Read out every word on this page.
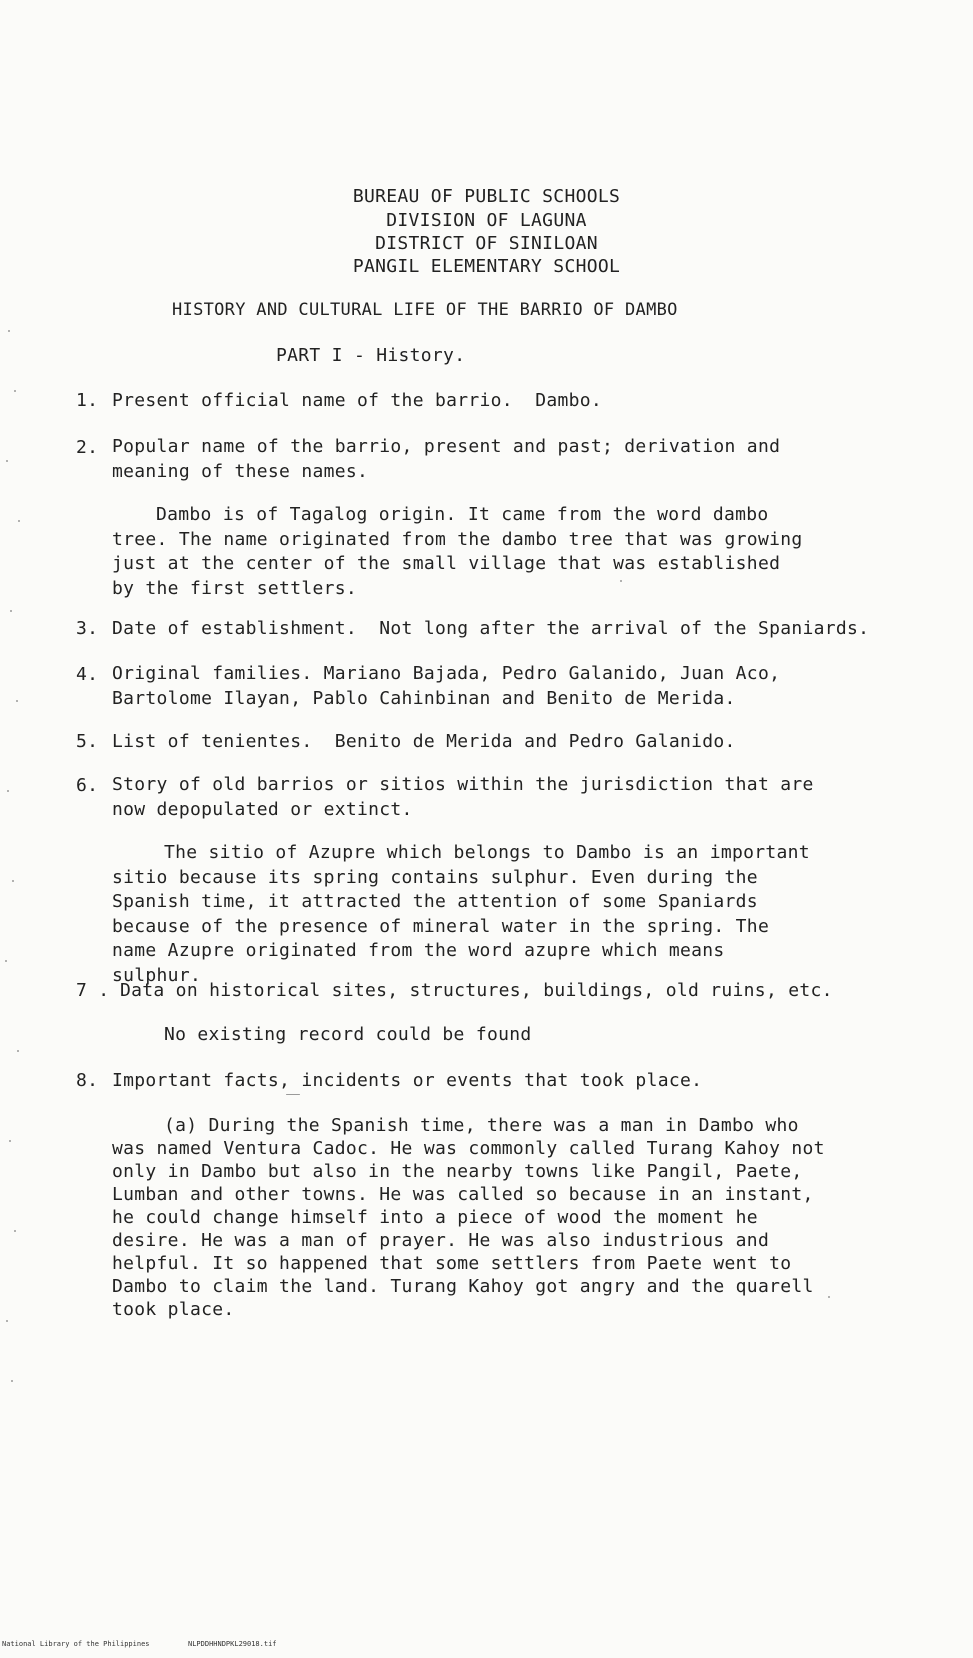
BUREAU OF PUBLIC SCHOOLS
DIVISION OF LAGUNA
DISTRICT OF SINILOAN
PANGIL ELEMENTARY SCHOOL
HISTORY AND CULTURAL LIFE OF THE BARRIO OF DAMBO
PART I - History.
1. Present official name of the barrio.  Dambo.
2. Popular name of the barrio, present and past; derivation and meaning of these names.
Dambo is of Tagalog origin. It came from the word dambo tree. The name originated from the dambo tree that was growing just at the center of the small village that was established by the first settlers.
3. Date of establishment.  Not long after the arrival of the Spaniards.
4. Original families. Mariano Bajada, Pedro Galanido, Juan Aco, Bartolome Ilayan, Pablo Cahinbinan and Benito de Merida.
5. List of tenientes.  Benito de Merida and Pedro Galanido.
6. Story of old barrios or sitios within the jurisdiction that are now depopulated or extinct.
The sitio of Azupre which belongs to Dambo is an important sitio because its spring contains sulphur. Even during the Spanish time, it attracted the attention of some Spaniards because of the presence of mineral water in the spring. The name Azupre originated from the word azupre which means sulphur.
7 . Data on historical sites, structures, buildings, old ruins, etc.
No existing record could be found
8. Important facts, incidents or events that took place.
(a) During the Spanish time, there was a man in Dambo who was named Ventura Cadoc. He was commonly called Turang Kahoy not only in Dambo but also in the nearby towns like Pangil, Paete, Lumban and other towns. He was called so because in an instant, he could change himself into a piece of wood the moment he desire. He was a man of prayer. He was also industrious and helpful. It so happened that some settlers from Paete went to Dambo to claim the land. Turang Kahoy got angry and the quarell took place.
National Library of the Philippines	NLPDDHHNDPKL29018.tif
